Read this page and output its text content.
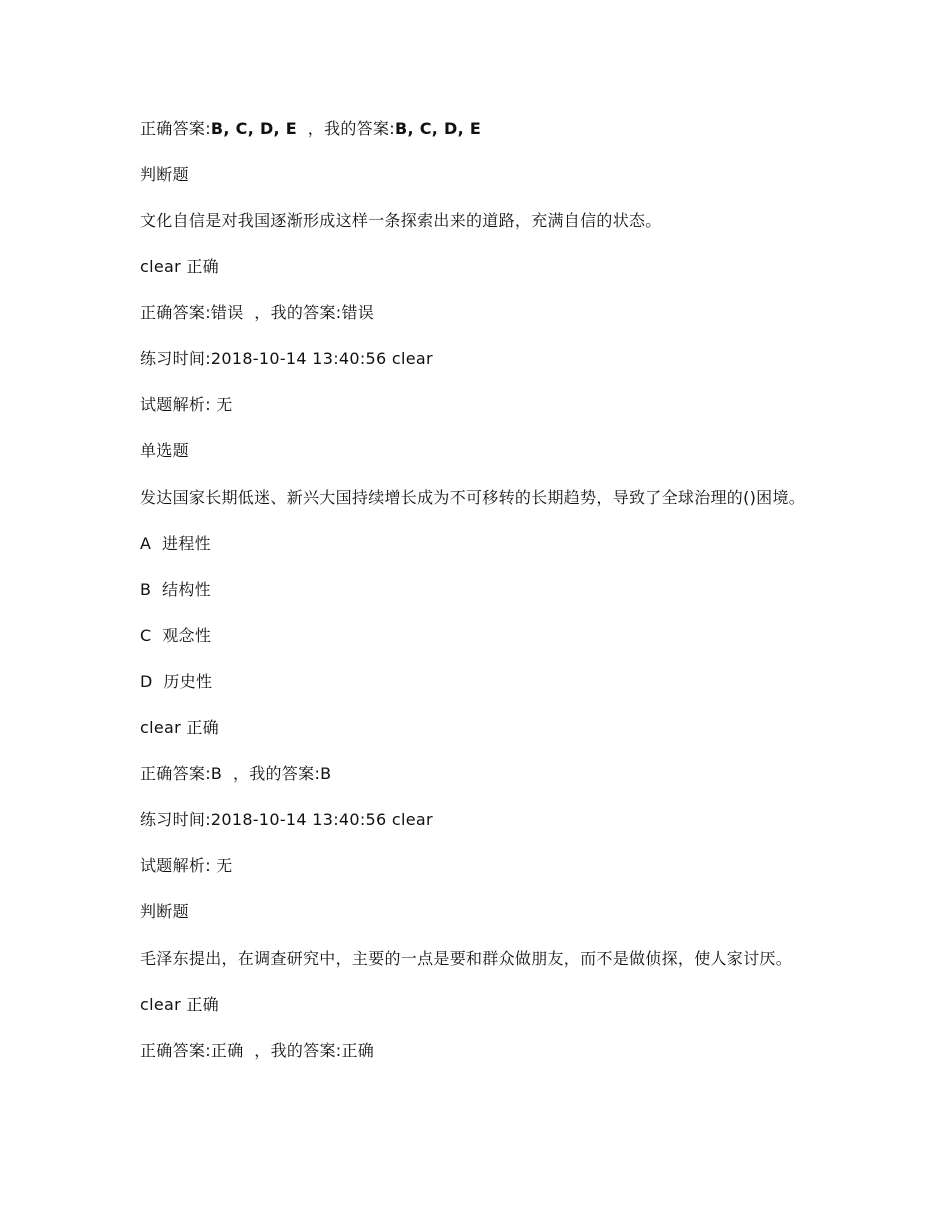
正确答案:B, C, D, E  ，我的答案:B, C, D, E
判断题
文化自信是对我国逐渐形成这样一条探索出来的道路，充满自信的状态。
clear 正确
正确答案:错误  ，我的答案:错误
练习时间:2018-10-14 13:40:56 clear
试题解析: 无
单选题
发达国家长期低迷、新兴大国持续增长成为不可移转的长期趋势，导致了全球治理的()困境。
A  进程性
B  结构性
C  观念性
D  历史性
clear 正确
正确答案:B  ，我的答案:B
练习时间:2018-10-14 13:40:56 clear
试题解析: 无
判断题
毛泽东提出，在调查研究中，主要的一点是要和群众做朋友，而不是做侦探，使人家讨厌。
clear 正确
正确答案:正确  ，我的答案:正确
